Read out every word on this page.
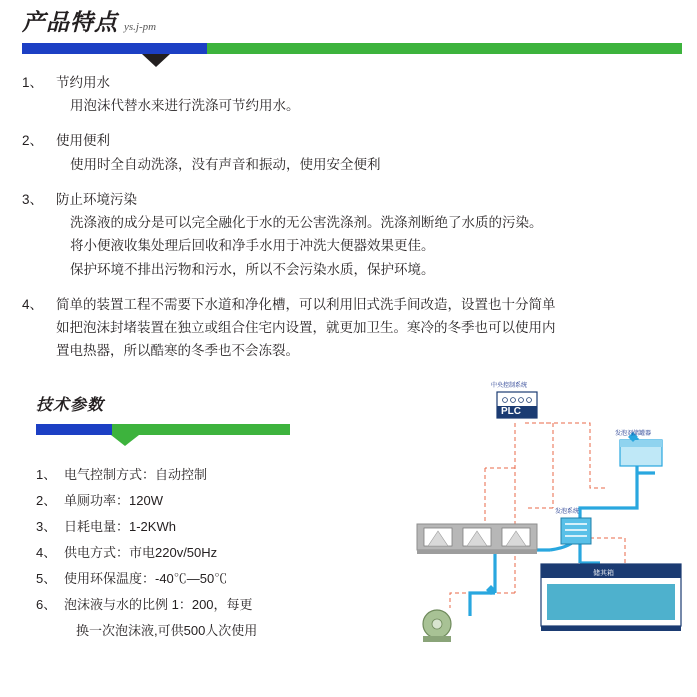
产品特点 ys.j-pm
1、 节约用水
用泡沫代替水来进行洗涤可节约用水。
2、 使用便利
使用时全自动洗涤，没有声音和振动，使用安全便利
3、 防止环境污染
洗涤液的成分是可以完全融化于水的无公害洗涤剂。洗涤剂断绝了水质的污染。
将小便液收集处理后回收和净手水用于冲洗大便器效果更佳。
保护环境不排出污物和污水，所以不会污染水质，保护环境。
4、 简单的装置工程不需要下水道和净化槽，可以利用旧式洗手间改造，设置也十分简单
如把泡沫封堵装置在独立或组合住宅内设置，就更加卫生。寒冷的冬季也可以使用内
置电热器，所以酷寒的冬季也不会冻裂。
技术参数
1、 电气控制方式：自动控制
2、 单厕功率：120W
3、 日耗电量：1-2KWh
4、 供电方式：市电220v/50Hz
5、 使用环保温度：-40℃—50℃
6、 泡沫液与水的比例 1：200，每更
换一次泡沫液,可供500人次使用
中央控制系统
PLC
发泡剂储罐器
发泡系统
储其箱
